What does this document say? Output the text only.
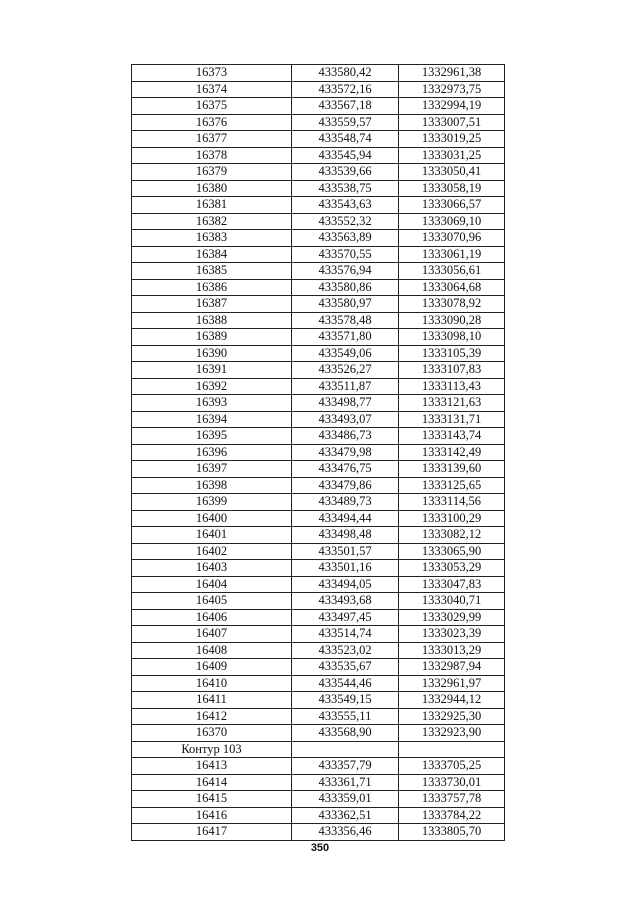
16373	433580,42	1332961,38
16374	433572,16	1332973,75
16375	433567,18	1332994,19
16376	433559,57	1333007,51
16377	433548,74	1333019,25
16378	433545,94	1333031,25
16379	433539,66	1333050,41
16380	433538,75	1333058,19
16381	433543,63	1333066,57
16382	433552,32	1333069,10
16383	433563,89	1333070,96
16384	433570,55	1333061,19
16385	433576,94	1333056,61
16386	433580,86	1333064,68
16387	433580,97	1333078,92
16388	433578,48	1333090,28
16389	433571,80	1333098,10
16390	433549,06	1333105,39
16391	433526,27	1333107,83
16392	433511,87	1333113,43
16393	433498,77	1333121,63
16394	433493,07	1333131,71
16395	433486,73	1333143,74
16396	433479,98	1333142,49
16397	433476,75	1333139,60
16398	433479,86	1333125,65
16399	433489,73	1333114,56
16400	433494,44	1333100,29
16401	433498,48	1333082,12
16402	433501,57	1333065,90
16403	433501,16	1333053,29
16404	433494,05	1333047,83
16405	433493,68	1333040,71
16406	433497,45	1333029,99
16407	433514,74	1333023,39
16408	433523,02	1333013,29
16409	433535,67	1332987,94
16410	433544,46	1332961,97
16411	433549,15	1332944,12
16412	433555,11	1332925,30
16370	433568,90	1332923,90
Контур 103		
16413	433357,79	1333705,25
16414	433361,71	1333730,01
16415	433359,01	1333757,78
16416	433362,51	1333784,22
16417	433356,46	1333805,70
350
